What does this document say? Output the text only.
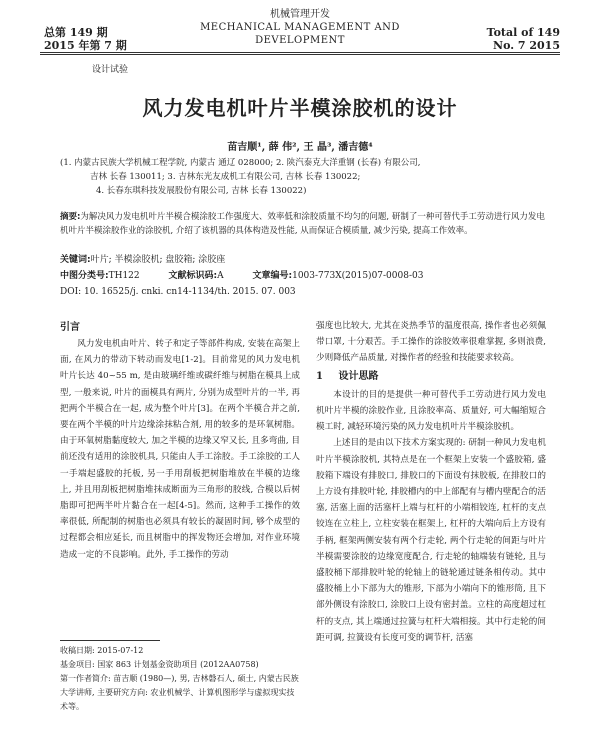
总第 149 期
2015 年第 7 期
机械管理开发
MECHANICAL MANAGEMENT AND DEVELOPMENT
Total of 149
No. 7 2015
设计试验
风力发电机叶片半模涂胶机的设计
苗吉顺¹, 薛 伟², 王 晶³, 潘吉德⁴
(1. 内蒙古民族大学机械工程学院, 内蒙古 通辽 028000; 2. 陕汽泰克大洋重钢 (长春) 有限公司,
吉林 长春 130011; 3. 吉林东光友成机工有限公司, 吉林 长春 130022;
4. 长春东琪科技发展股份有限公司, 吉林 长春 130022)
摘要:为解决风力发电机叶片半模合模涂胶工作强度大、效率低和涂胶质量不均匀的问题, 研制了一种可替代手工劳动进行风力发电机叶片半模涂胶作业的涂胶机, 介绍了该机器的具体构造及性能, 从而保证合模质量, 减少污染, 提高工作效率。
关键词:叶片; 半模涂胶机; 盘胶箱; 涂胶座
中图分类号:TH122	文献标识码:A	文章编号:1003-773X(2015)07-0008-03
DOI: 10. 16525/j. cnki. cn14-1134/th. 2015. 07. 003
引言

风力发电机由叶片、转子和定子等部件构成, 安装在高架上面, 在风力的带动下转动而发电[1-2]。目前常见的风力发电机叶片长达 40~55 m, 是由玻璃纤维或碳纤维与树脂在模具上成型, 一般来说, 叶片的面模具有两片, 分别为成型叶片的一半, 再把两个半模合在一起, 成为整个叶片[3]。在两个半模合并之前, 要在两个半模的叶片边缘涂抹粘合剂, 用的较多的是环氧树脂。由于环氧树脂黏度较大, 加之半模的边缘又窄又长, 且多弯曲, 目前还没有适用的涂胶机具, 只能由人手工涂胶。手工涂胶的工人一手端起盛胶的托板, 另一手用刮板把树脂堆放在半模的边缘上, 并且用刮板把树脂堆抹成断面为三角形的胶线, 合模以后树脂即可把两半叶片黏合在一起[4-5]。然而, 这种手工操作的效率很低, 所配制的树脂也必须具有较长的凝固时间, 够个成型的过程都会相应延长, 而且树脂中的挥发物还会增加, 对作业环境造成一定的不良影响。此外, 手工操作的劳动

收稿日期: 2015-07-12
基金项目: 国家 863 计划基金资助项目 (2012AA0758)
第一作者简介: 苗吉顺 (1980—), 男, 吉林磐石人, 硕士, 内蒙古民族大学讲师, 主要研究方向: 农业机械学、计算机图形学与虚拟现实技术等。

强度也比较大, 尤其在炎热季节的温度很高, 操作者也必须佩带口罩, 十分艰苦。手工操作的涂胶效率很难掌握, 多则浪费, 少则降低产品质量, 对操作者的经验和技能要求较高。

1 设计思路

本设计的目的是提供一种可替代手工劳动进行风力发电机叶片半模的涂胶作业, 且涂胶率高、质量好, 可大幅缩短合模工时, 减轻环境污染的风力发电机叶片半模涂胶机。

上述目的是由以下技术方案实现的: 研制一种风力发电机叶片半模涂胶机, 其特点是在一个框架上安装一个盛胶箱, 盛胶箱下端设有排胶口, 排胶口的下面设有抹胶板, 在排胶口的上方设有排胶叶轮, 排胶槽内的中上部配有与槽内壁配合的活塞, 活塞上面的活塞杆上端与杠杆的小端相铰连, 杠杆的支点铰连在立柱上, 立柱安装在框架上, 杠杆的大端向后上方设有手柄, 框架两侧安装有两个行走轮, 两个行走轮的间距与叶片半模需要涂胶的边缘宽度配合, 行走轮的轴端装有链轮, 且与盛胶桶下部排胶叶轮的轮轴上的链轮通过链条相传动。其中盛胶桶上小下部为大的锥形, 下部为小端向下的锥形筒, 且下部外侧设有涂胶口, 涂胶口上设有密封盖。立柱的高度超过杠杆的支点, 其上端通过拉簧与杠杆大端相接。其中行走轮的间距可调, 拉簧设有长度可变的调节杆, 活塞
